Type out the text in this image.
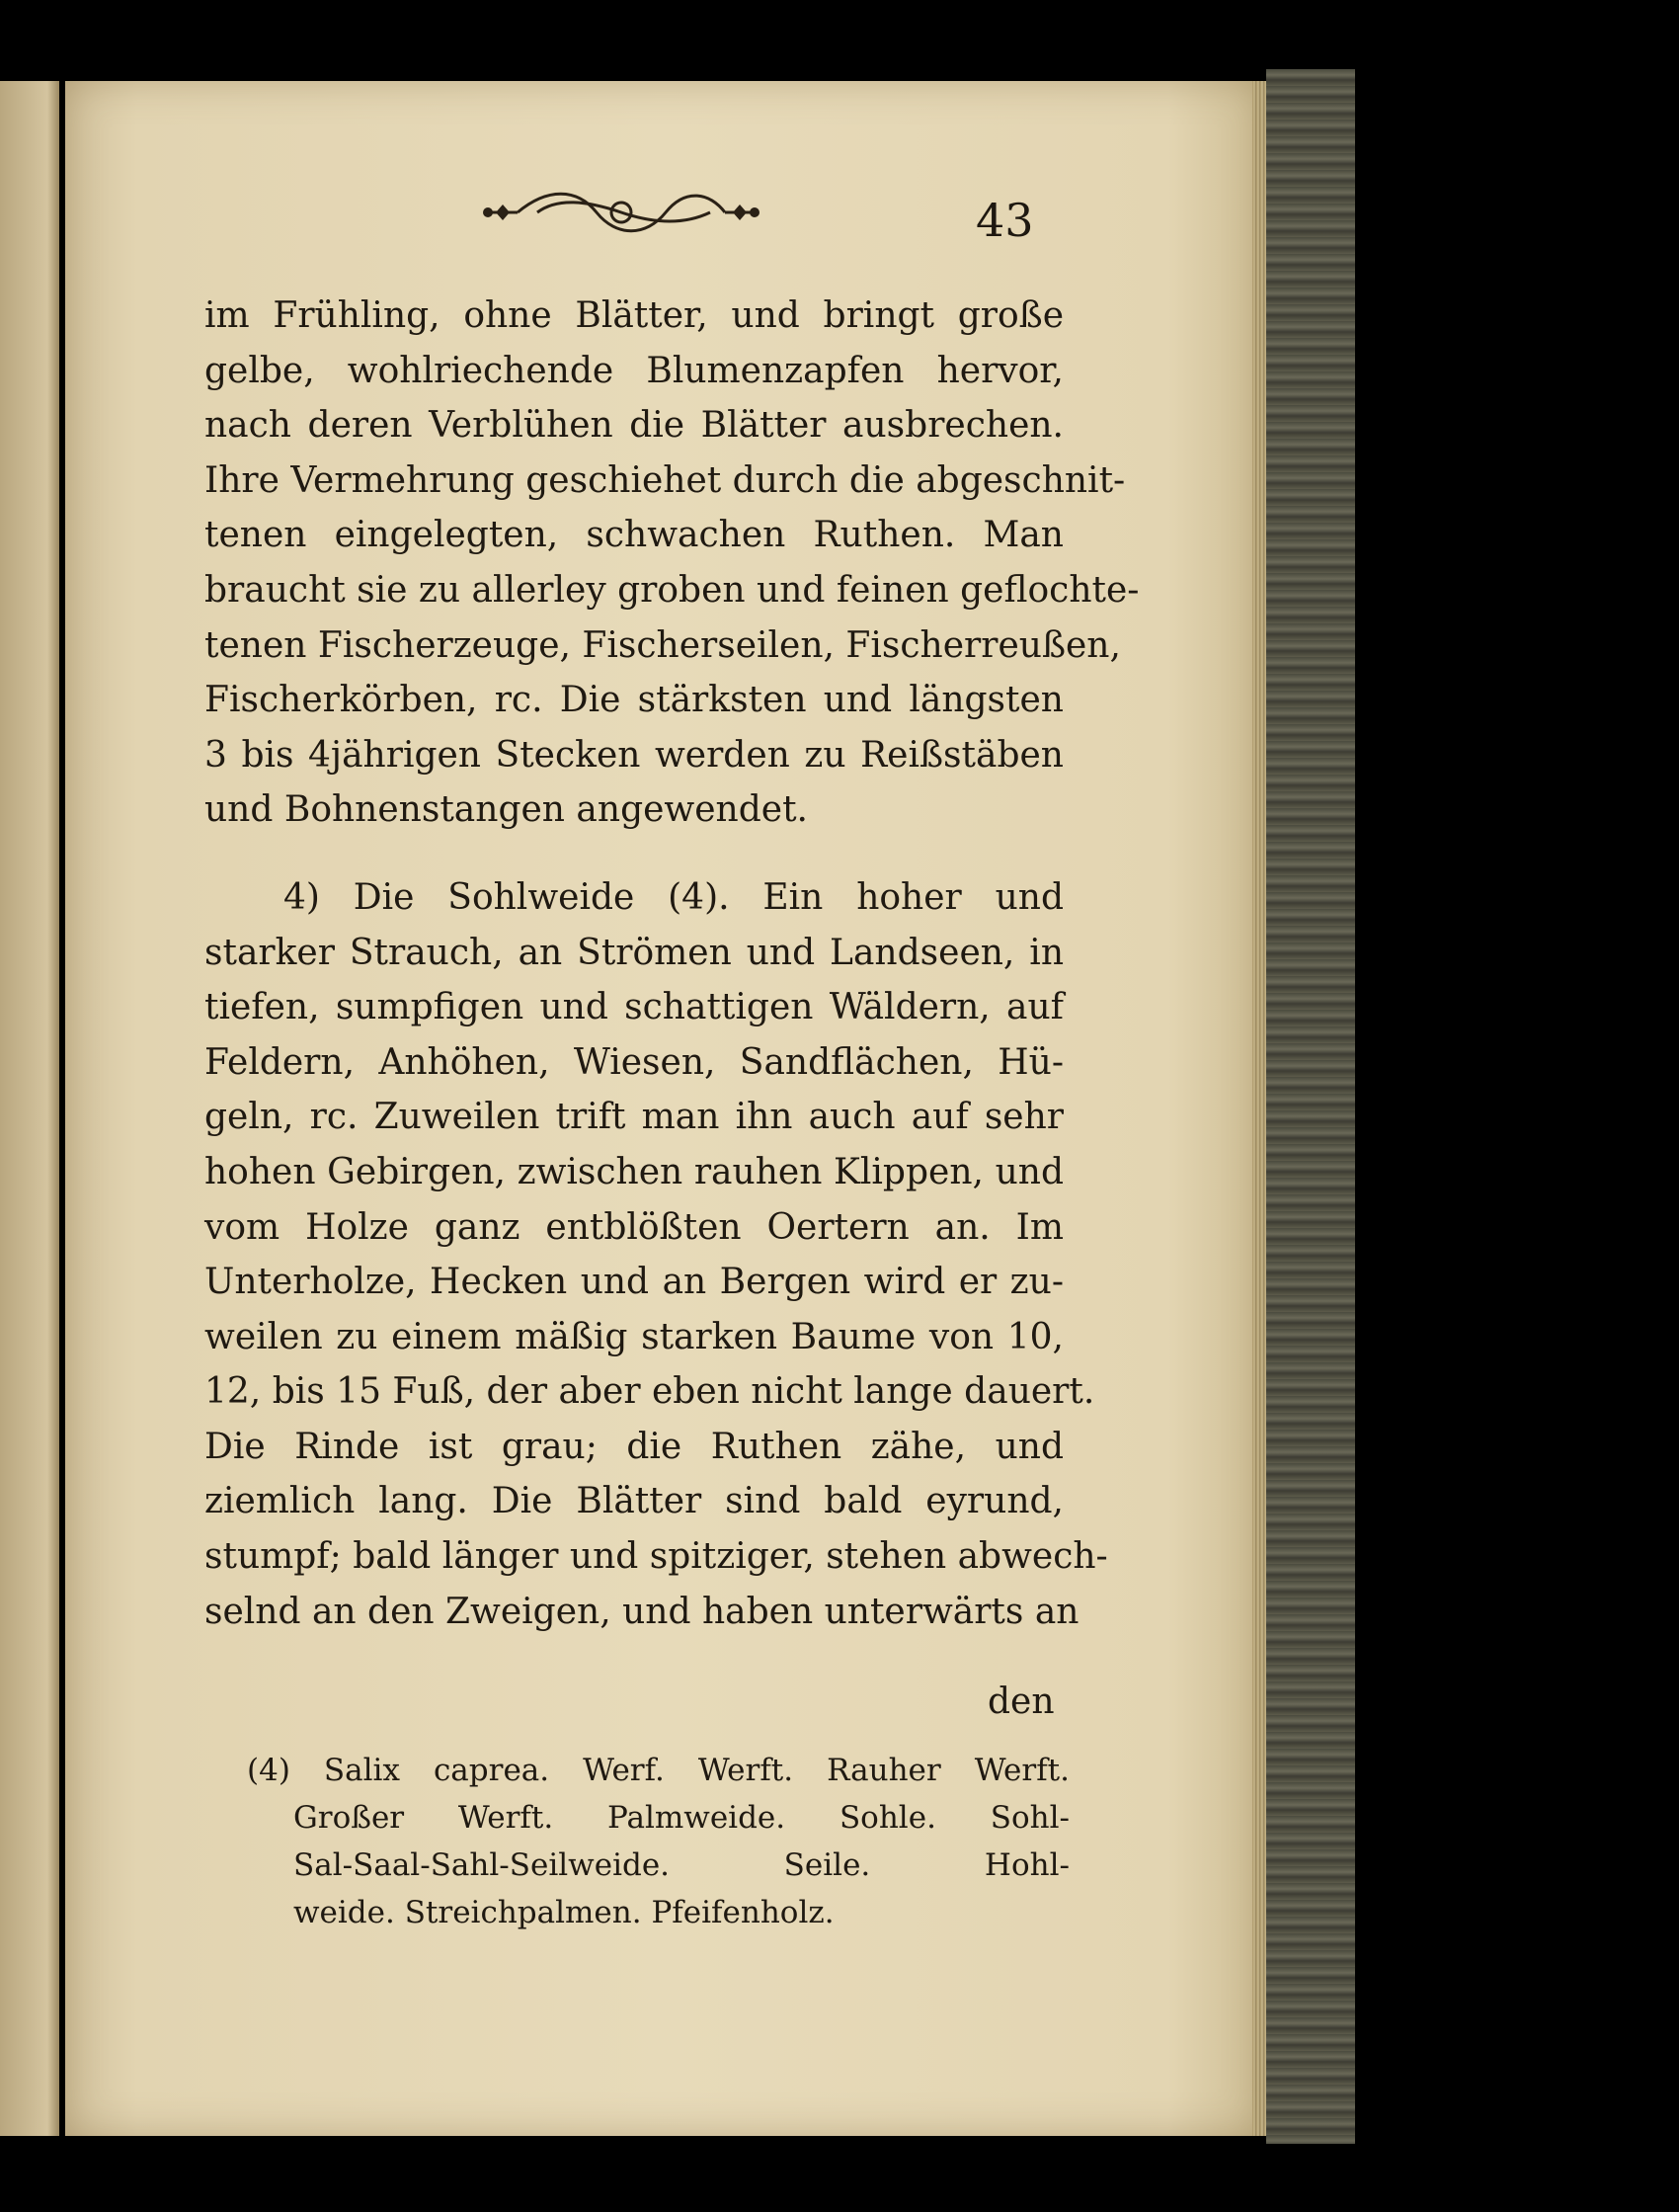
43

im Frühling, ohne Blätter, und bringt große
gelbe, wohlriechende Blumenzapfen hervor,
nach deren Verblühen die Blätter ausbrechen.
Ihre Vermehrung geschiehet durch die abgeschnit-
tenen eingelegten, schwachen Ruthen. Man
braucht sie zu allerley groben und feinen geflochte-
tenen Fischerzeuge, Fischerseilen, Fischerreußen,
Fischerkörben, rc. Die stärksten und längsten
3 bis 4jährigen Stecken werden zu Reißstäben
und Bohnenstangen angewendet.

4) Die Sohlweide (4). Ein hoher und
starker Strauch, an Strömen und Landseen, in
tiefen, sumpfigen und schattigen Wäldern, auf
Feldern, Anhöhen, Wiesen, Sandflächen, Hü-
geln, rc. Zuweilen trift man ihn auch auf sehr
hohen Gebirgen, zwischen rauhen Klippen, und
vom Holze ganz entblößten Oertern an. Im
Unterholze, Hecken und an Bergen wird er zu-
weilen zu einem mäßig starken Baume von 10,
12, bis 15 Fuß, der aber eben nicht lange dauert.
Die Rinde ist grau; die Ruthen zähe, und
ziemlich lang. Die Blätter sind bald eyrund,
stumpf; bald länger und spitziger, stehen abwech-
selnd an den Zweigen, und haben unterwärts an

den
(4) Salix caprea. Werf. Werft. Rauher Werft.
Großer Werft. Palmweide. Sohle. Sohl-
Sal-Saal-Sahl-Seilweide. Seile. Hohl-
weide. Streichpalmen. Pfeifenholz.
